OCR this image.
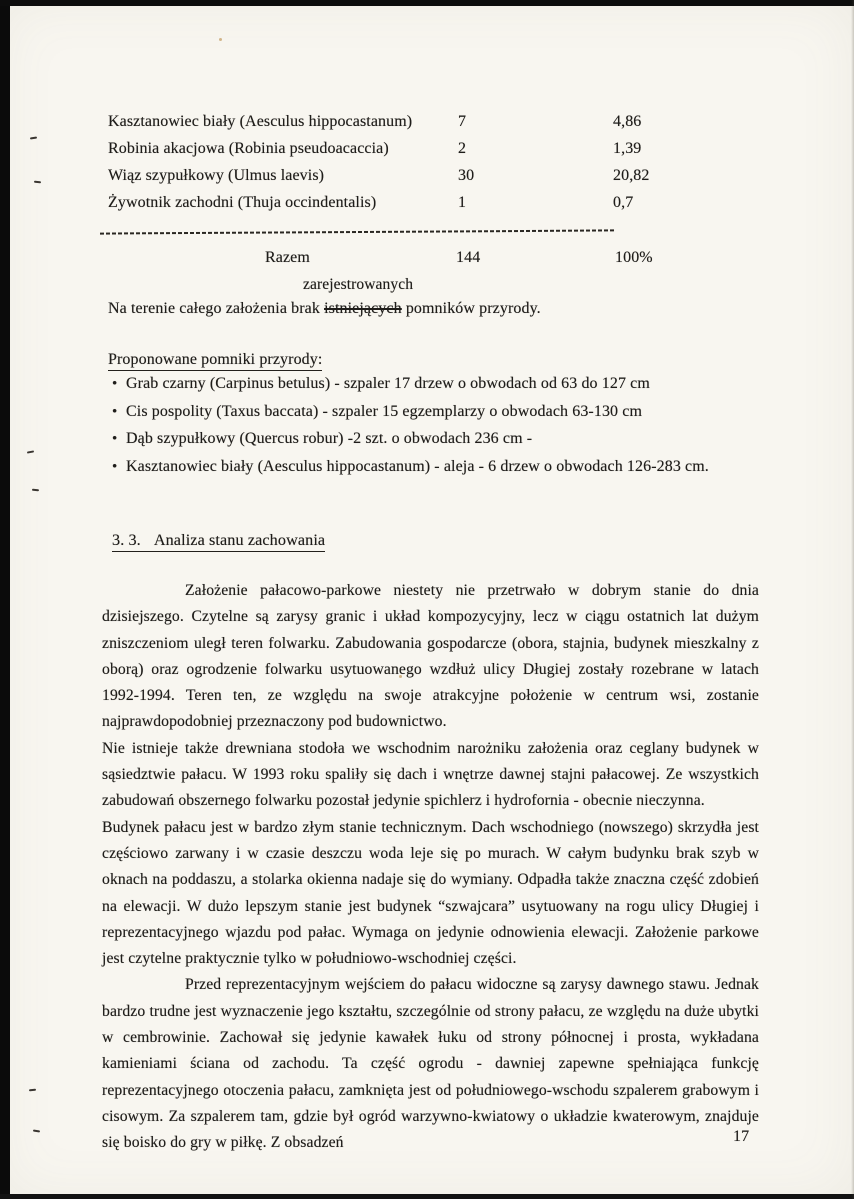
Kasztanowiec biały (Aesculus hippocastanum)	7	4,86
Robinia akacjowa (Robinia pseudoacaccia)	2	1,39
Wiąz szypułkowy (Ulmus laevis)	30	20,82
Żywotnik zachodni (Thuja occindentalis)	1	0,7
Razem	144	100%
zarejestrowanych
Na terenie całego założenia brak istniejących pomników przyrody.
Proponowane pomniki przyrody:
• Grab czarny (Carpinus betulus) - szpaler 17 drzew o obwodach od 63 do 127 cm
• Cis pospolity (Taxus baccata) - szpaler 15 egzemplarzy o obwodach 63-130 cm
• Dąb szypułkowy (Quercus robur) -2 szt. o obwodach 236 cm -
• Kasztanowiec biały (Aesculus hippocastanum) - aleja - 6 drzew o obwodach 126-283 cm.
3. 3. Analiza stanu zachowania

Założenie pałacowo-parkowe niestety nie przetrwało w dobrym stanie do dnia dzisiejszego. Czytelne są zarysy granic i układ kompozycyjny, lecz w ciągu ostatnich lat dużym zniszczeniom uległ teren folwarku. Zabudowania gospodarcze (obora, stajnia, budynek mieszkalny z oborą) oraz ogrodzenie folwarku usytuowanego wzdłuż ulicy Długiej zostały rozebrane w latach 1992-1994. Teren ten, ze względu na swoje atrakcyjne położenie w centrum wsi, zostanie najprawdopodobniej przeznaczony pod budownictwo.

Nie istnieje także drewniana stodoła we wschodnim narożniku założenia oraz ceglany budynek w sąsiedztwie pałacu. W 1993 roku spaliły się dach i wnętrze dawnej stajni pałacowej. Ze wszystkich zabudowań obszernego folwarku pozostał jedynie spichlerz i hydrofornia - obecnie nieczynna.

Budynek pałacu jest w bardzo złym stanie technicznym. Dach wschodniego (nowszego) skrzydła jest częściowo zarwany i w czasie deszczu woda leje się po murach. W całym budynku brak szyb w oknach na poddaszu, a stolarka okienna nadaje się do wymiany. Odpadła także znaczna część zdobień na elewacji. W dużo lepszym stanie jest budynek “szwajcara” usytuowany na rogu ulicy Długiej i reprezentacyjnego wjazdu pod pałac. Wymaga on jedynie odnowienia elewacji. Założenie parkowe jest czytelne praktycznie tylko w południowo-wschodniej części.

Przed reprezentacyjnym wejściem do pałacu widoczne są zarysy dawnego stawu. Jednak bardzo trudne jest wyznaczenie jego kształtu, szczególnie od strony pałacu, ze względu na duże ubytki w cembrowinie. Zachował się jedynie kawałek łuku od strony północnej i prosta, wykładana kamieniami ściana od zachodu. Ta część ogrodu - dawniej zapewne spełniająca funkcję reprezentacyjnego otoczenia pałacu, zamknięta jest od południowego-wschodu szpalerem grabowym i cisowym. Za szpalerem tam, gdzie był ogród warzywno-kwiatowy o układzie kwaterowym, znajduje się boisko do gry w piłkę. Z obsadzeń	17
